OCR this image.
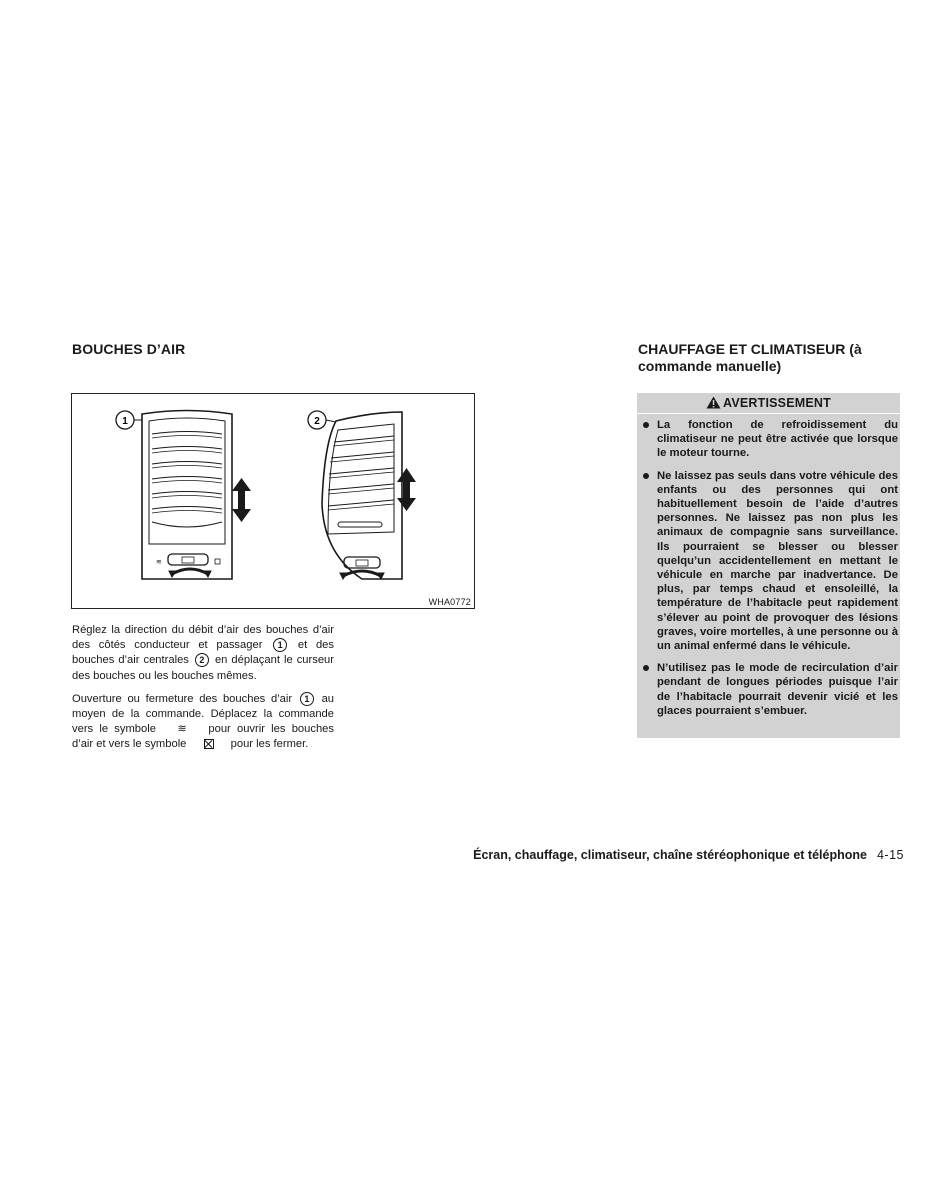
BOUCHES D’AIR
1
≋
2
WHA0772

Réglez la direction du débit d’air des bouches d’air des côtés conducteur et passager 1 et des bouches d’air centrales 2 en déplaçant le curseur des bouches ou les bouches mêmes.

Ouverture ou fermeture des bouches d’air 1 au moyen de la commande. Déplacez la commande vers le symbole ≋ pour ouvrir les bouches d’air et vers le symbole	pour les fermer.

CHAUFFAGE ET CLIMATISEUR (à commande manuelle)
AVERTISSEMENT
La fonction de refroidissement du climatiseur ne peut être activée que lorsque le moteur tourne.
Ne laissez pas seuls dans votre véhicule des enfants ou des personnes qui ont habituellement besoin de l’aide d’autres personnes. Ne laissez pas non plus les animaux de compagnie sans surveillance. Ils pourraient se blesser ou blesser quelqu’un accidentellement en mettant le véhicule en marche par inadvertance. De plus, par temps chaud et ensoleillé, la température de l’habitacle peut rapidement s’élever au point de provoquer des lésions graves, voire mortelles, à une personne ou à un animal enfermé dans le véhicule.
N’utilisez pas le mode de recirculation d’air pendant de longues périodes puisque l’air de l’habitacle pourrait devenir vicié et les glaces pourraient s’embuer.
Écran, chauffage, climatiseur, chaîne stéréophonique et téléphone 4-15
